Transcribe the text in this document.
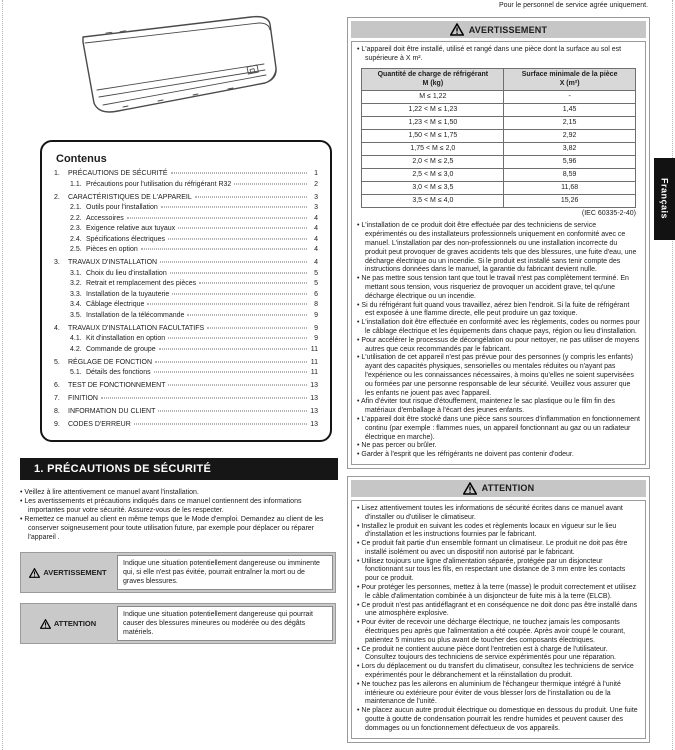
Contenus
1.	PRÉCAUTIONS DE SÉCURITÉ	1
1.1. Précautions pour l'utilisation du réfrigérant R32	2
2.	CARACTÉRISTIQUES DE L'APPAREIL	3
2.1. Outils pour l'installation	3
2.2. Accessoires	4
2.3. Exigence relative aux tuyaux	4
2.4. Spécifications électriques	4
2.5. Pièces en option	4
3.	TRAVAUX D'INSTALLATION	4
3.1. Choix du lieu d'installation	5
3.2. Retrait et remplacement des pièces	5
3.3. Installation de la tuyauterie	6
3.4. Câblage électrique	8
3.5. Installation de la télécommande	9
4.	TRAVAUX D'INSTALLATION FACULTATIFS	9
4.1. Kit d'installation en option	9
4.2. Commande de groupe	11
5.	RÉGLAGE DE FONCTION	11
5.1. Détails des fonctions	11
6.	TEST DE FONCTIONNEMENT	13
7.	FINITION	13
8.	INFORMATION DU CLIENT	13
9.	CODES D'ERREUR	13
1. PRÉCAUTIONS DE SÉCURITÉ

• Veillez à lire attentivement ce manuel avant l'installation.

• Les avertissements et précautions indiqués dans ce manuel contiennent des informations importantes pour votre sécurité. Assurez-vous de les respecter.

• Remettez ce manuel au client en même temps que le Mode d'emploi. Demandez au client de les conserver soigneusement pour toute utilisation future, par exemple pour déplacer ou réparer l'appareil .

AVERTISSEMENT
Indique une situation potentiellement dangereuse ou imminente qui, si elle n'est pas évitée, pourrait entraîner la mort ou de graves blessures.
ATTENTION
Indique une situation potentiellement dangereuse qui pourrait causer des blessures mineures ou modérée ou des dégâts matériels.
Pour le personnel de service agrée uniquement.
AVERTISSEMENT

• L'appareil doit être installé, utilisé et rangé dans une pièce dont la surface au sol est supérieure à X m².

Quantité de charge de réfrigérant
M (kg)	Surface minimale de la pièce
X (m²)

M ≤ 1,22	-
1,22 < M ≤ 1,23	1,45
1,23 < M ≤ 1,50	2,15
1,50 < M ≤ 1,75	2,92
1,75 < M ≤ 2,0	3,82
2,0 < M ≤ 2,5	5,96
2,5 < M ≤ 3,0	8,59
3,0 < M ≤ 3,5	11,68
3,5 < M ≤ 4,0	15,26
(IEC 60335-2-40)

• L'installation de ce produit doit être effectuée par des techniciens de service expérimentés ou des installateurs professionnels uniquement en conformité avec ce manuel. L'installation par des non-professionnels ou une installation incorrecte du produit peut provoquer de graves accidents tels que des blessures, une fuite d'eau, une décharge électrique ou un incendie. Si le produit est installé sans tenir compte des instructions données dans le manuel, la garantie du fabricant devient nulle.

• Ne pas mettre sous tension tant que tout le travail n'est pas complètement terminé. En mettant sous tension, vous risqueriez de provoquer un accident grave, tel qu'une décharge électrique ou un incendie.

• Si du réfrigérant fuit quand vous travaillez, aérez bien l'endroit. Si la fuite de réfrigérant est exposée à une flamme directe, elle peut produire un gaz toxique.

• L'installation doit être effectuée en conformité avec les règlements, codes ou normes pour le câblage électrique et les équipements dans chaque pays, région ou lieu d'installation.

• Pour accélérer le processus de décongélation ou pour nettoyer, ne pas utiliser de moyens autres que ceux recommandés par le fabricant.

• L'utilisation de cet appareil n'est pas prévue pour des personnes (y compris les enfants) ayant des capacités physiques, sensorielles ou mentales réduites ou n'ayant pas l'expérience ou les connaissances nécessaires, à moins qu'elles ne soient supervisées ou formées par une personne responsable de leur sécurité. Veuillez vous assurer que les enfants ne jouent pas avec l'appareil.

• Afin d'éviter tout risque d'étouffement, maintenez le sac plastique ou le film fin des matériaux d'emballage à l'écart des jeunes enfants.

• L'appareil doit être stocké dans une pièce sans sources d'inflammation en fonctionnement continu (par exemple : flammes nues, un appareil fonctionnant au gaz ou un radiateur électrique en marche).

• Ne pas percer ou brûler.

• Garder à l'esprit que les réfrigérants ne doivent pas contenir d'odeur.

ATTENTION

• Lisez attentivement toutes les informations de sécurité écrites dans ce manuel avant d'installer ou d'utiliser le climatiseur.

• Installez le produit en suivant les codes et règlements locaux en vigueur sur le lieu d'installation et les instructions fournies par le fabricant.

• Ce produit fait partie d'un ensemble formant un climatiseur. Le produit ne doit pas être installé isolément ou avec un dispositif non autorisé par le fabricant.

• Utilisez toujours une ligne d'alimentation séparée, protégée par un disjoncteur fonctionnant sur tous les fils, en respectant une distance de 3 mm entre les contacts pour ce produit.

• Pour protéger les personnes, mettez à la terre (masse) le produit correctement et utilisez le câble d'alimentation combinée à un disjoncteur de fuite mis à la terre (ELCB).

• Ce produit n'est pas antidéflagrant et en conséquence ne doit donc pas être installé dans une atmosphère explosive.

• Pour éviter de recevoir une décharge électrique, ne touchez jamais les composants électriques peu après que l'alimentation a été coupée. Après avoir coupé le courant, patientez 5 minutes ou plus avant de toucher des composants électriques.

• Ce produit ne contient aucune pièce dont l'entretien est à charge de l'utilisateur. Consultez toujours des techniciens de service expérimentés pour une réparation.

• Lors du déplacement ou du transfert du climatiseur, consultez les techniciens de service expérimentés pour le débranchement et la réinstallation du produit.

• Ne touchez pas les ailerons en aluminium de l'échangeur thermique intégré à l'unité intérieure ou extérieure pour éviter de vous blesser lors de l'installation ou de la maintenance de l'unité.

• Ne placez aucun autre produit électrique ou domestique en dessous du produit. Une fuite goutte à goutte de condensation pourrait les rendre humides et peuvent causer des dommages ou un fonctionnement défectueux de vos appareils.

Français
